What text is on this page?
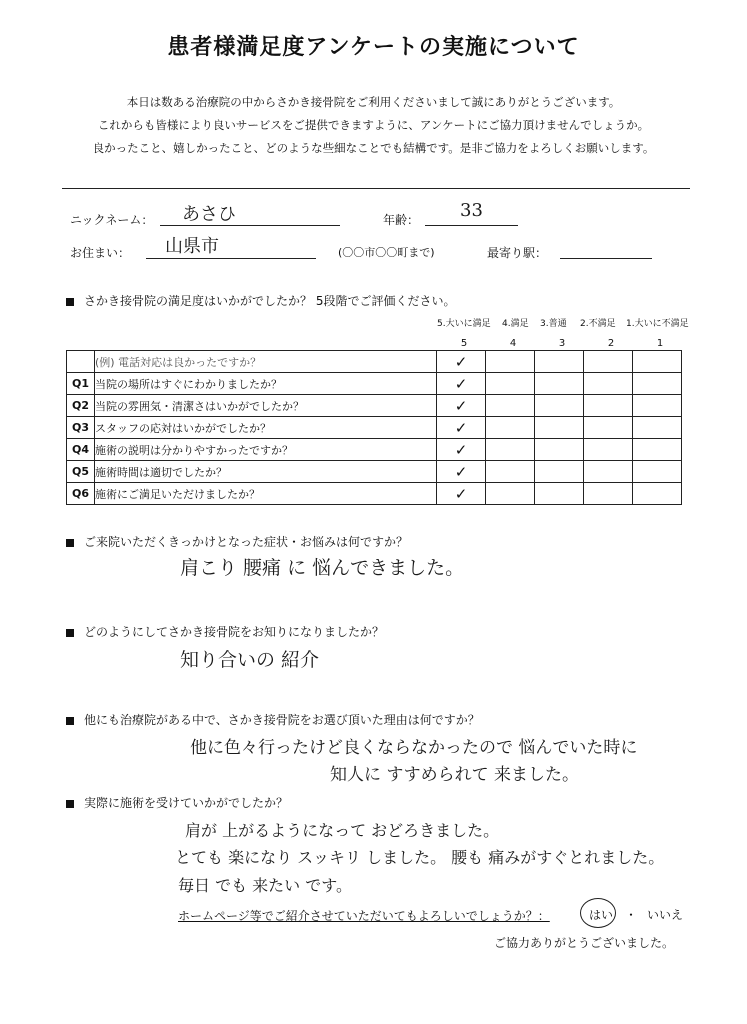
患者様満足度アンケートの実施について
本日は数ある治療院の中からさかき接骨院をご利用くださいまして誠にありがとうございます。
これからも皆様により良いサービスをご提供できますように、アンケートにご協力頂けませんでしょうか。
良かったこと、嬉しかったこと、どのような些細なことでも結構です。是非ご協力をよろしくお願いします。
ニックネーム： あさひ	年齢： 33
お住まい： 山県市	(〇〇市〇〇町まで)	最寄り駅：
さかき接骨院の満足度はいかがでしたか？ 5段階でご評価ください。
5.大いに満足 4.満足 3.普通 2.不満足 1.大いに不満足
5	4	3	2	1
	(例) 電話対応は良かったですか？	✓				
Q1	当院の場所はすぐにわかりましたか？	✓				
Q2	当院の雰囲気・清潔さはいかがでしたか？	✓				
Q3	スタッフの応対はいかがでしたか？	✓				
Q4	施術の説明は分かりやすかったですか？	✓				
Q5	施術時間は適切でしたか？	✓				
Q6	施術にご満足いただけましたか？	✓				
ご来院いただくきっかけとなった症状・お悩みは何ですか？
肩こり 腰痛 に 悩んできました。
どのようにしてさかき接骨院をお知りになりましたか？
知り合いの 紹介
他にも治療院がある中で、さかき接骨院をお選び頂いた理由は何ですか？
他に色々行ったけど良くならなかったので 悩んでいた時に
知人に すすめられて 来ました。
実際に施術を受けていかがでしたか？
肩が 上がるようになって おどろきました。
とても 楽になり スッキリ しました。 腰も 痛みがすぐとれました。
毎日 でも 来たい です。
ホームページ等でご紹介させていただいてもよろしいでしょうか？：	はい ・ いいえ
ご協力ありがとうございました。
